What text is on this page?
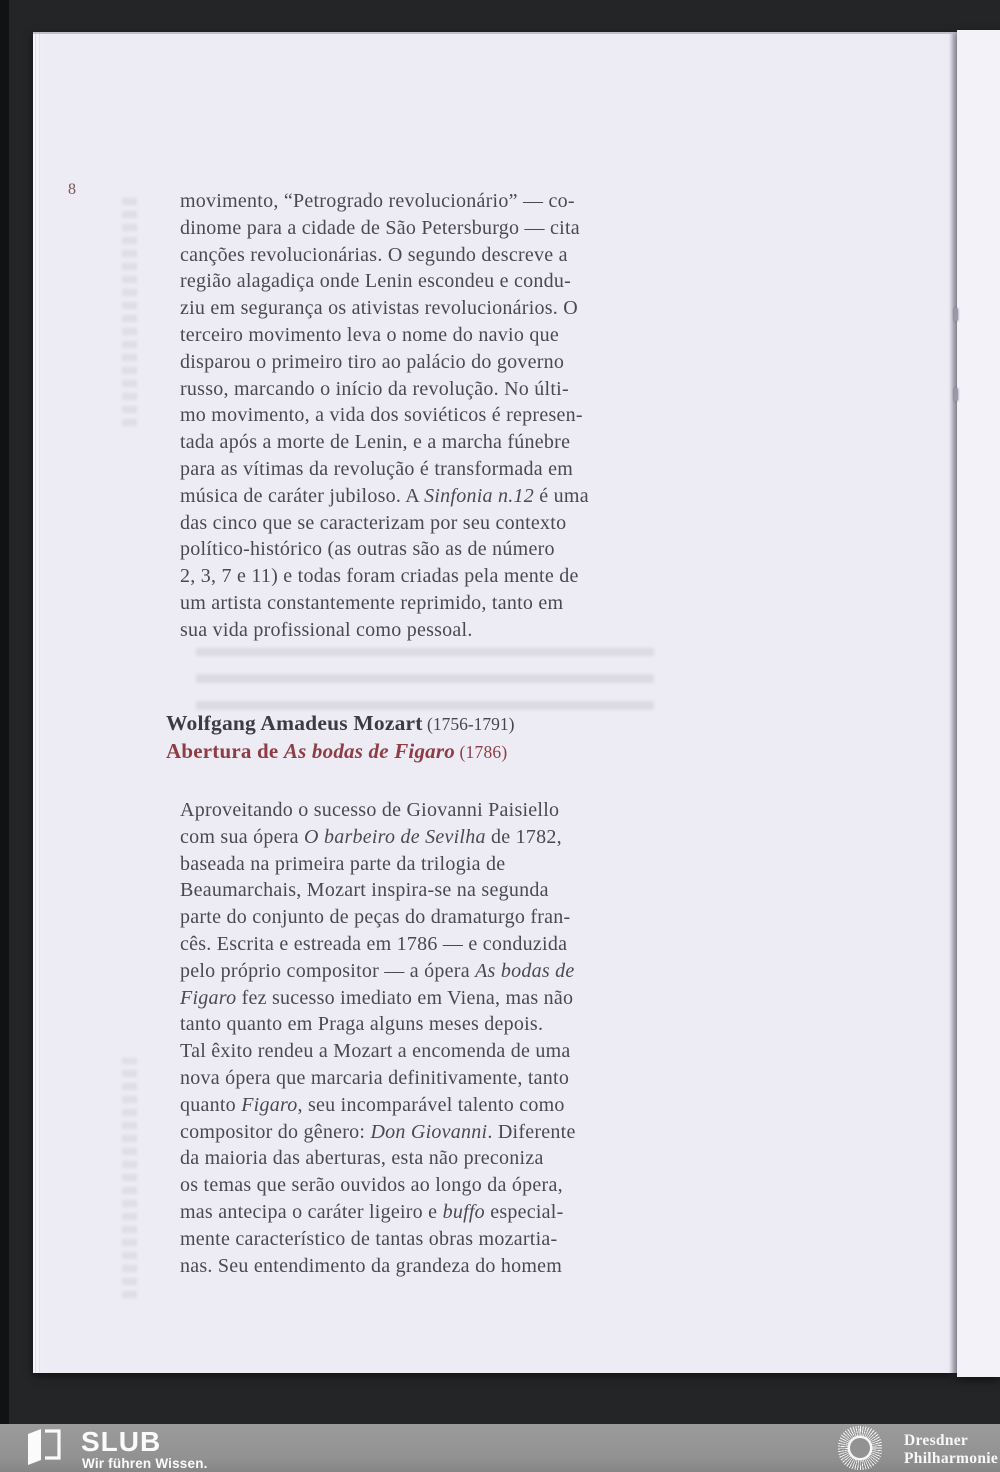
8
movimento, “Petrogrado revolucionário” — co-
dinome para a cidade de São Petersburgo — cita
canções revolucionárias. O segundo descreve a
região alagadiça onde Lenin escondeu e condu-
ziu em segurança os ativistas revolucionários. O
terceiro movimento leva o nome do navio que
disparou o primeiro tiro ao palácio do governo
russo, marcando o início da revolução. No últi-
mo movimento, a vida dos soviéticos é represen-
tada após a morte de Lenin, e a marcha fúnebre
para as vítimas da revolução é transformada em
música de caráter jubiloso. A Sinfonia n.12 é uma
das cinco que se caracterizam por seu contexto
político-histórico (as outras são as de número
2, 3, 7 e 11) e todas foram criadas pela mente de
um artista constantemente reprimido, tanto em
sua vida profissional como pessoal.
Wolfgang Amadeus Mozart (1756-1791)
Abertura de As bodas de Figaro (1786)
Aproveitando o sucesso de Giovanni Paisiello
com sua ópera O barbeiro de Sevilha de 1782,
baseada na primeira parte da trilogia de
Beaumarchais, Mozart inspira-se na segunda
parte do conjunto de peças do dramaturgo fran-
cês. Escrita e estreada em 1786 — e conduzida
pelo próprio compositor — a ópera As bodas de
Figaro fez sucesso imediato em Viena, mas não
tanto quanto em Praga alguns meses depois.
Tal êxito rendeu a Mozart a encomenda de uma
nova ópera que marcaria definitivamente, tanto
quanto Figaro, seu incomparável talento como
compositor do gênero: Don Giovanni. Diferente
da maioria das aberturas, esta não preconiza
os temas que serão ouvidos ao longo da ópera,
mas antecipa o caráter ligeiro e buffo especial-
mente característico de tantas obras mozartia-
nas. Seu entendimento da grandeza do homem
SLUB
Wir führen Wissen.
Dresdner
Philharmonie
